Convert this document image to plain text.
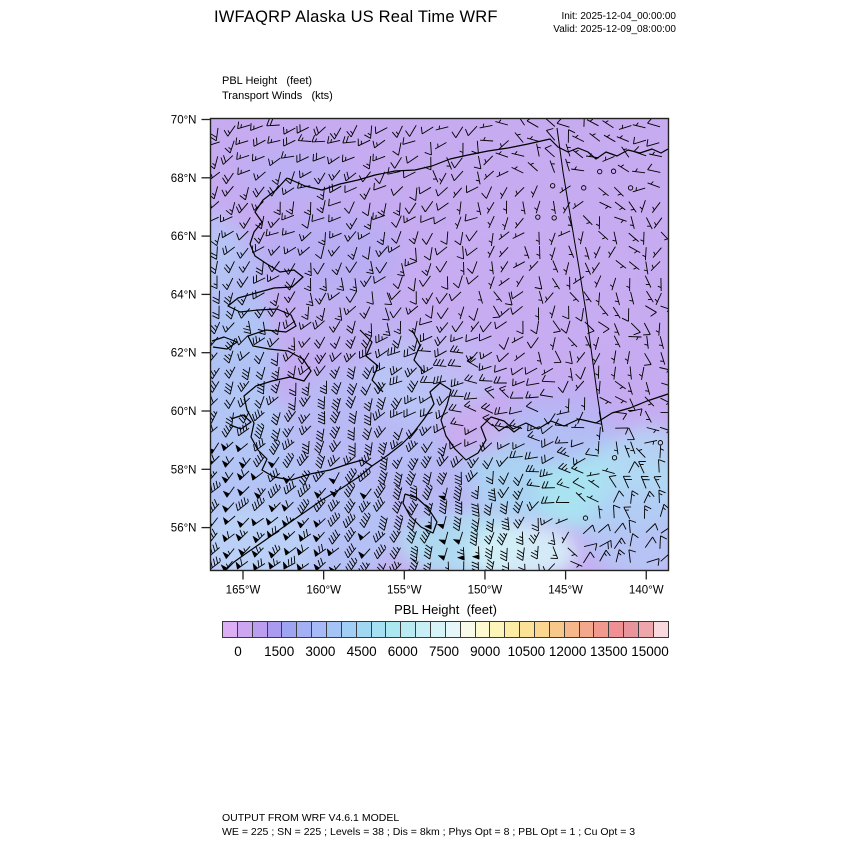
IWFAQRP Alaska US Real Time WRF	Init: 2025-12-04_00:00:00
Valid: 2025-12-09_08:00:00
PBL Height   (feet)
Transport Winds   (kts)
70°N
68°N
66°N
64°N
62°N
60°N
58°N
56°N
165°W	160°W	155°W	150°W	145°W	140°W
PBL Height  (feet)
0 1500 3000 4500 6000 7500 9000 10500 12000 13500 15000
OUTPUT FROM WRF V4.6.1 MODEL
WE = 225 ; SN = 225 ; Levels = 38 ; Dis = 8km ; Phys Opt = 8 ; PBL Opt = 1 ; Cu Opt = 3
